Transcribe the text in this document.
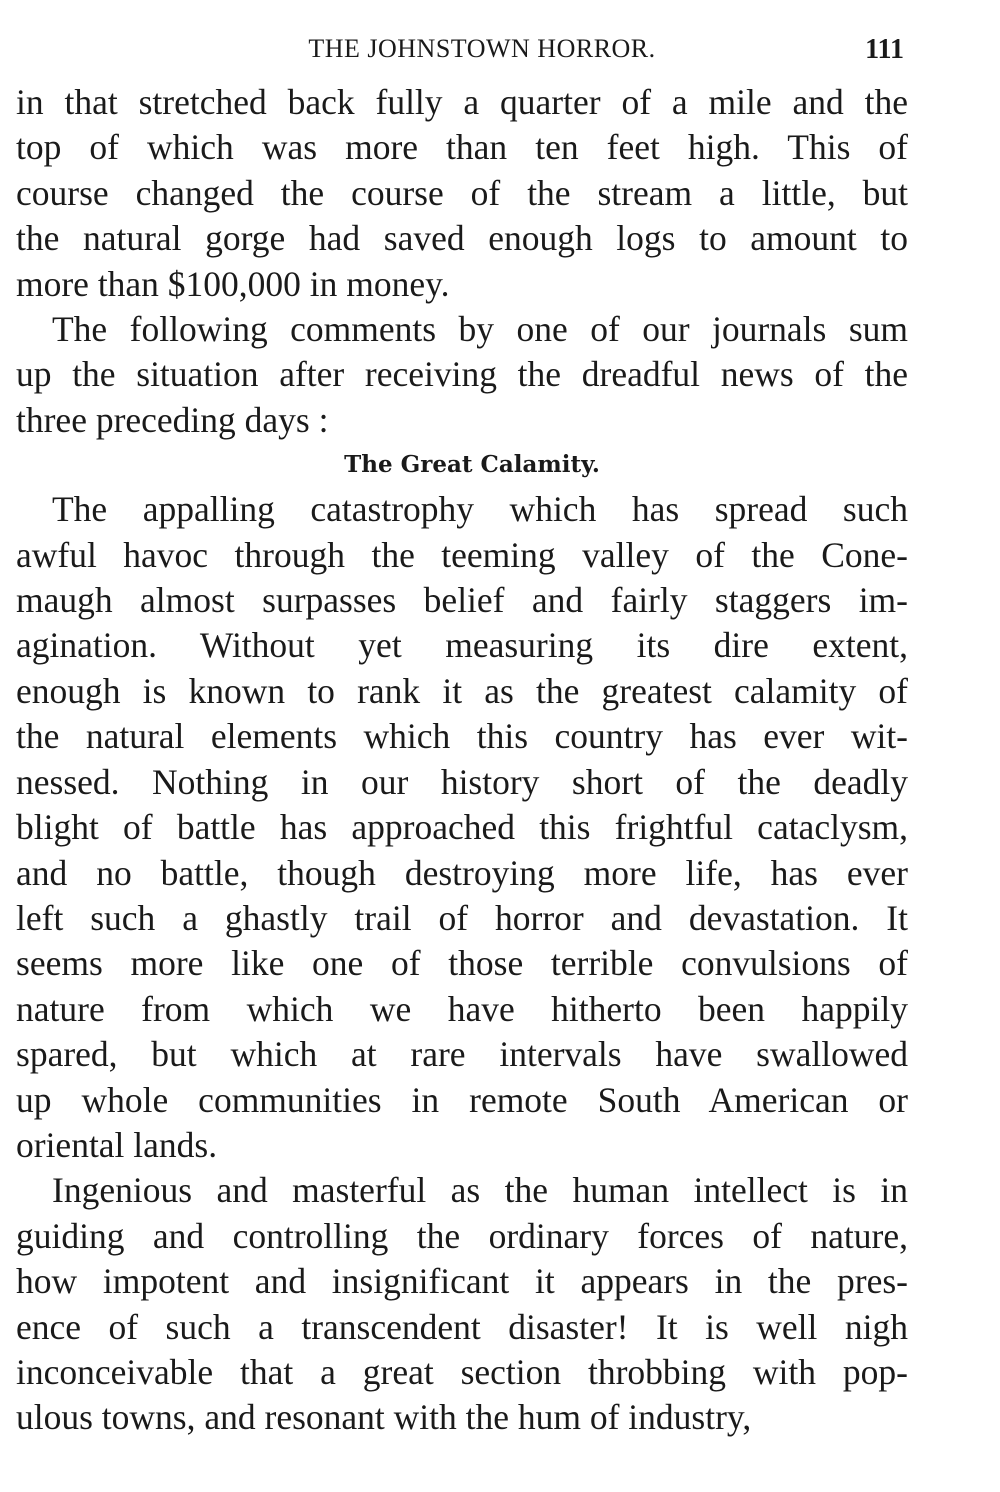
THE JOHNSTOWN HORROR.	111
in that stretched back fully a quarter of a mile and the
top of which was more than ten feet high. This of
course changed the course of the stream a little, but
the natural gorge had saved enough logs to amount to
more than $100,000 in money.
The following comments by one of our journals sum
up the situation after receiving the dreadful news of the
three preceding days :
The Great Calamity.
The appalling catastrophy which has spread such
awful havoc through the teeming valley of the Cone-
maugh almost surpasses belief and fairly staggers im-
agination. Without yet measuring its dire extent,
enough is known to rank it as the greatest calamity of
the natural elements which this country has ever wit-
nessed. Nothing in our history short of the deadly
blight of battle has approached this frightful cataclysm,
and no battle, though destroying more life, has ever
left such a ghastly trail of horror and devastation. It
seems more like one of those terrible convulsions of
nature from which we have hitherto been happily
spared, but which at rare intervals have swallowed
up whole communities in remote South American or
oriental lands.
Ingenious and masterful as the human intellect is in
guiding and controlling the ordinary forces of nature,
how impotent and insignificant it appears in the pres-
ence of such a transcendent disaster! It is well nigh
inconceivable that a great section throbbing with pop-
ulous towns, and resonant with the hum of industry,
